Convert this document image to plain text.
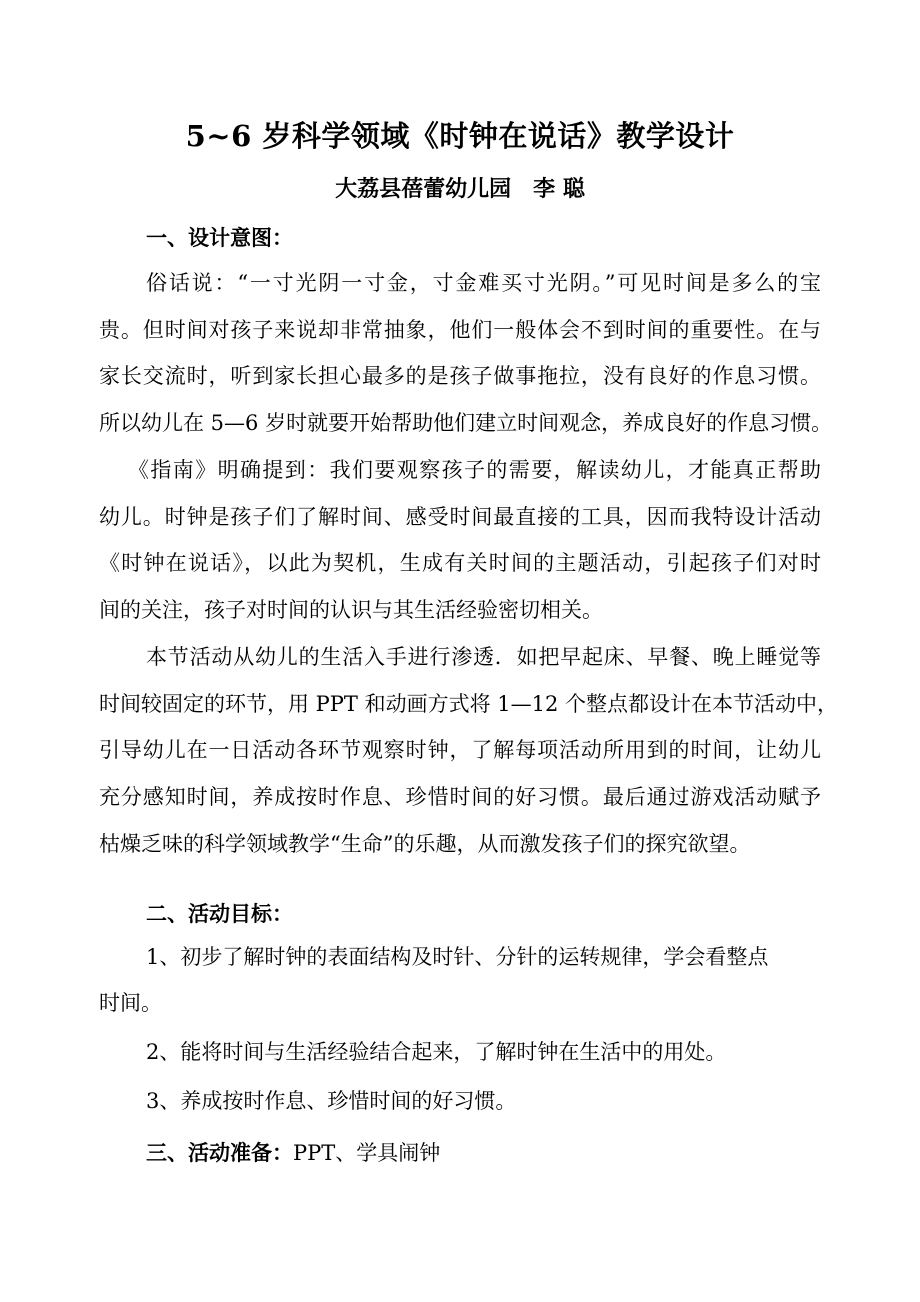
5~6 岁科学领域《时钟在说话》教学设计
大荔县蓓蕾幼儿园 李 聪
一、设计意图：
俗话说：“一寸光阴一寸金，寸金难买寸光阴。”可见时间是多么的宝
贵。但时间对孩子来说却非常抽象，他们一般体会不到时间的重要性。在与
家长交流时，听到家长担心最多的是孩子做事拖拉，没有良好的作息习惯。
所以幼儿在 5—6 岁时就要开始帮助他们建立时间观念，养成良好的作息习惯。
《指南》明确提到：我们要观察孩子的需要，解读幼儿，才能真正帮助
幼儿。时钟是孩子们了解时间、感受时间最直接的工具，因而我特设计活动
《时钟在说话》，以此为契机，生成有关时间的主题活动，引起孩子们对时
间的关注，孩子对时间的认识与其生活经验密切相关。
本节活动从幼儿的生活入手进行渗透．如把早起床、早餐、晚上睡觉等
时间较固定的环节，用 PPT 和动画方式将 1—12 个整点都设计在本节活动中，
引导幼儿在一日活动各环节观察时钟，了解每项活动所用到的时间，让幼儿
充分感知时间，养成按时作息、珍惜时间的好习惯。最后通过游戏活动赋予
枯燥乏味的科学领域教学“生命”的乐趣，从而激发孩子们的探究欲望。
二、活动目标：
1、初步了解时钟的表面结构及时针、分针的运转规律，学会看整点
时间。
2、能将时间与生活经验结合起来，了解时钟在生活中的用处。
3、养成按时作息、珍惜时间的好习惯。
三、活动准备：PPT、学具闹钟
